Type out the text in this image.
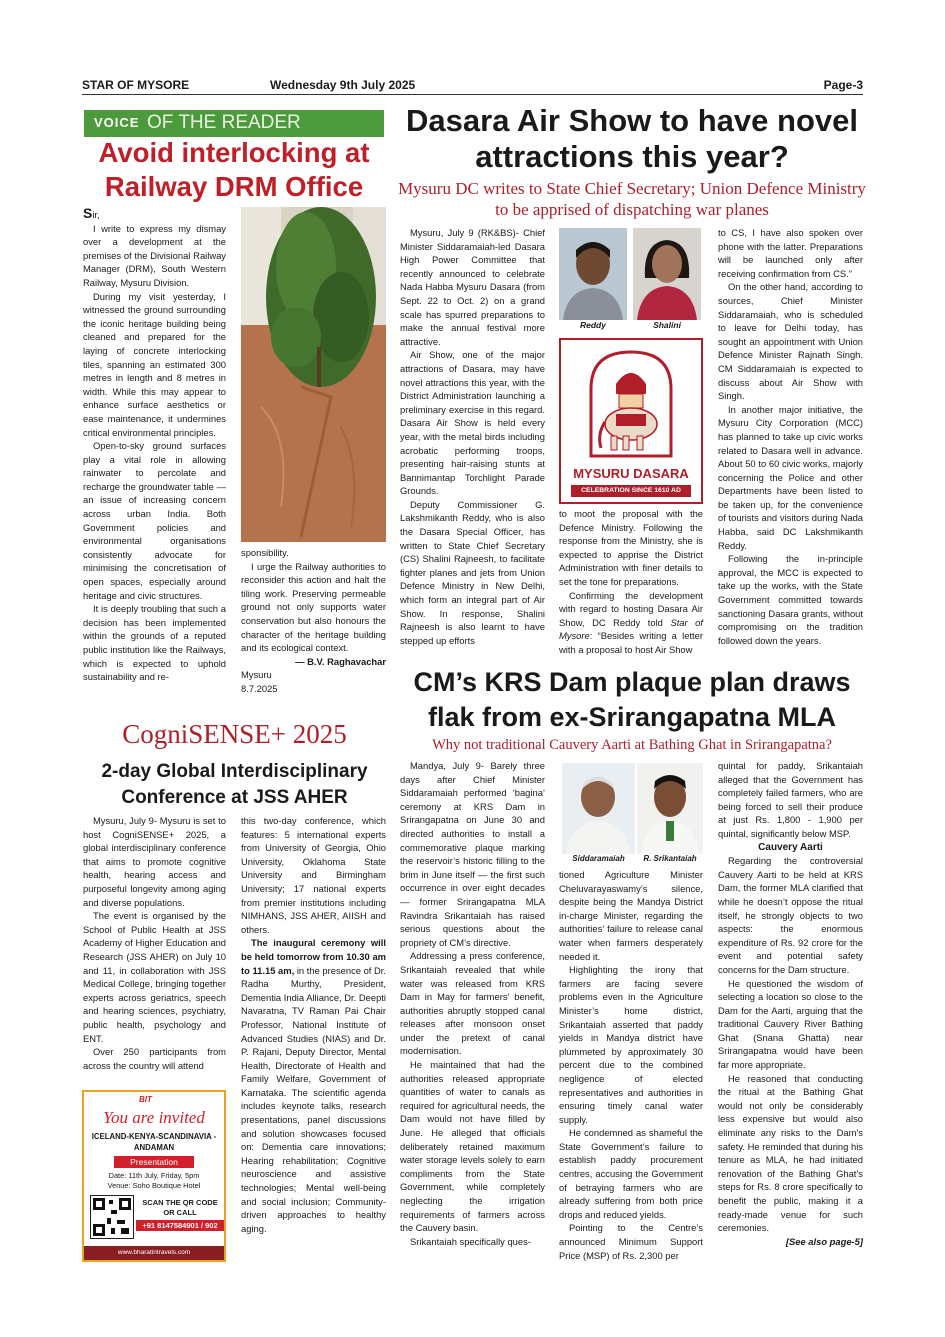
STAR OF MYSORE	Wednesday 9th July 2025	Page-3
VOICE OF THE READER
Avoid interlocking at Railway DRM Office

Sir,

I write to express my dismay over a development at the premises of the Divisional Railway Manager (DRM), South Western Railway, Mysuru Division.

During my visit yesterday, I witnessed the ground surrounding the iconic heritage building being cleaned and prepared for the laying of concrete interlocking tiles, spanning an estimated 300 metres in length and 8 metres in width. While this may appear to enhance surface aesthetics or ease maintenance, it undermines critical environmental principles.

Open-to-sky ground surfaces play a vital role in allowing rainwater to percolate and recharge the groundwater table — an issue of increasing concern across urban India. Both Government policies and environmental organisations consistently advocate for minimising the concretisation of open spaces, especially around heritage and civic structures.

It is deeply troubling that such a decision has been implemented within the grounds of a reputed public institution like the Railways, which is expected to uphold sustainability and re-

sponsibility.

I urge the Railway authorities to reconsider this action and halt the tiling work. Preserving permeable ground not only supports water conservation but also honours the character of the heritage building and its ecological context.

— B.V. Raghavachar

Mysuru

8.7.2025

CogniSENSE+ 2025
2-day Global Interdisciplinary Conference at JSS AHER

Mysuru, July 9- Mysuru is set to host CogniSENSE+ 2025, a global interdisciplinary conference that aims to promote cognitive health, hearing access and purposeful longevity among aging and diverse populations.

The event is organised by the School of Public Health at JSS Academy of Higher Education and Research (JSS AHER) on July 10 and 11, in collaboration with JSS Medical College, bringing together experts across geriatrics, speech and hearing sciences, psychiatry, public health, psychology and ENT.

Over 250 participants from across the country will attend

this two-day conference, which features: 5 international experts from University of Georgia, Ohio University, Oklahoma State University and Birmingham University; 17 national experts from premier institutions including NIMHANS, JSS AHER, AIISH and others.

The inaugural ceremony will be held tomorrow from 10.30 am to 11.15 am, in the presence of Dr. Radha Murthy, President, Dementia India Alliance, Dr. Deepti Navaratna, TV Raman Pai Chair Professor, National Institute of Advanced Studies (NIAS) and Dr. P. Rajani, Deputy Director, Mental Health, Directorate of Health and Family Welfare, Government of Karnataka. The scientific agenda includes keynote talks, research presentations, panel discussions and solution showcases focused on: Dementia care innovations; Hearing rehabilitation; Cognitive neuroscience and assistive technologies; Mental well-being and social inclusion; Community-driven approaches to healthy aging.

BIT
You are invited
ICELAND-KENYA-SCANDINAVIA -ANDAMAN
Presentation
Date: 11th July, Friday, 5pm
Venue: Soho Boutique Hotel
SCAN THE QR CODE OR CALL
+91 8147584901 / 902
www.bharatintravels.com
Dasara Air Show to have novel attractions this year?
Mysuru DC writes to State Chief Secretary; Union Defence Ministry to be apprised of dispatching war planes

Mysuru, July 9 (RK&BS)- Chief Minister Siddaramaiah-led Dasara High Power Committee that recently announced to celebrate Nada Habba Mysuru Dasara (from Sept. 22 to Oct. 2) on a grand scale has spurred preparations to make the annual festival more attractive.

Air Show, one of the major attractions of Dasara, may have novel attractions this year, with the District Administration launching a preliminary exercise in this regard. Dasara Air Show is held every year, with the metal birds including acrobatic performing troops, presenting hair-raising stunts at Bannimantap Torchlight Parade Grounds.

Deputy Commissioner G. Lakshmikanth Reddy, who is also the Dasara Special Officer, has written to State Chief Secretary (CS) Shalini Rajneesh, to facilitate fighter planes and jets from Union Defence Ministry in New Delhi, which form an integral part of Air Show. In response, Shalini Rajneesh is also learnt to have stepped up efforts

Reddy	Shalini
MYSURU DASARA
CELEBRATION SINCE 1610 AD

to moot the proposal with the Defence Ministry. Following the response from the Ministry, she is expected to apprise the District Administration with finer details to set the tone for preparations.

Confirming the development with regard to hosting Dasara Air Show, DC Reddy told Star of Mysore: “Besides writing a letter with a proposal to host Air Show

to CS, I have also spoken over phone with the latter. Preparations will be launched only after receiving confirmation from CS.”

On the other hand, according to sources, Chief Minister Siddaramaiah, who is scheduled to leave for Delhi today, has sought an appointment with Union Defence Minister Rajnath Singh. CM Siddaramaiah is expected to discuss about Air Show with Singh.

In another major initiative, the Mysuru City Corporation (MCC) has planned to take up civic works related to Dasara well in advance. About 50 to 60 civic works, majorly concerning the Police and other Departments have been listed to be taken up, for the convenience of tourists and visitors during Nada Habba, said DC Lakshmikanth Reddy.

Following the in-principle approval, the MCC is expected to take up the works, with the State Government committed towards sanctioning Dasara grants, without compromising on the tradition followed down the years.

CM’s KRS Dam plaque plan draws flak from ex-Srirangapatna MLA
Why not traditional Cauvery Aarti at Bathing Ghat in Srirangapatna?

Mandya, July 9- Barely three days after Chief Minister Siddaramaiah performed ‘bagina’ ceremony at KRS Dam in Srirangapatna on June 30 and directed authorities to install a commemorative plaque marking the reservoir’s historic filling to the brim in June itself — the first such occurrence in over eight decades — former Srirangapatna MLA Ravindra Srikantaiah has raised serious questions about the propriety of CM’s directive.

Addressing a press conference, Srikantaiah revealed that while water was released from KRS Dam in May for farmers’ benefit, authorities abruptly stopped canal releases after monsoon onset under the pretext of canal modernisation.

He maintained that had the authorities released appropriate quantities of water to canals as required for agricultural needs, the Dam would not have filled by June. He alleged that officials deliberately retained maximum water storage levels solely to earn compliments from the State Government, while completely neglecting the irrigation requirements of farmers across the Cauvery basin.

Srikantaiah specifically ques-

Siddaramaiah	R. Srikantaiah

tioned Agriculture Minister Cheluvarayaswamy’s silence, despite being the Mandya District in-charge Minister, regarding the authorities’ failure to release canal water when farmers desperately needed it.

Highlighting the irony that farmers are facing severe problems even in the Agriculture Minister’s home district, Srikantaiah asserted that paddy yields in Mandya district have plummeted by approximately 30 percent due to the combined negligence of elected representatives and authorities in ensuring timely canal water supply.

He condemned as shameful the State Government’s failure to establish paddy procurement centres, accusing the Government of betraying farmers who are already suffering from both price drops and reduced yields.

Pointing to the Centre’s announced Minimum Support Price (MSP) of Rs. 2,300 per

quintal for paddy, Srikantaiah alleged that the Government has completely failed farmers, who are being forced to sell their produce at just Rs. 1,800 - 1,900 per quintal, significantly below MSP.

Cauvery Aarti

Regarding the controversial Cauvery Aarti to be held at KRS Dam, the former MLA clarified that while he doesn’t oppose the ritual itself, he strongly objects to two aspects: the enormous expenditure of Rs. 92 crore for the event and potential safety concerns for the Dam structure.

He questioned the wisdom of selecting a location so close to the Dam for the Aarti, arguing that the traditional Cauvery River Bathing Ghat (Snana Ghatta) near Srirangapatna would have been far more appropriate.

He reasoned that conducting the ritual at the Bathing Ghat would not only be considerably less expensive but would also eliminate any risks to the Dam’s safety. He reminded that during his tenure as MLA, he had initiated renovation of the Bathing Ghat’s steps for Rs. 8 crore specifically to benefit the public, making it a ready-made venue for such ceremonies.

[See also page-5]
